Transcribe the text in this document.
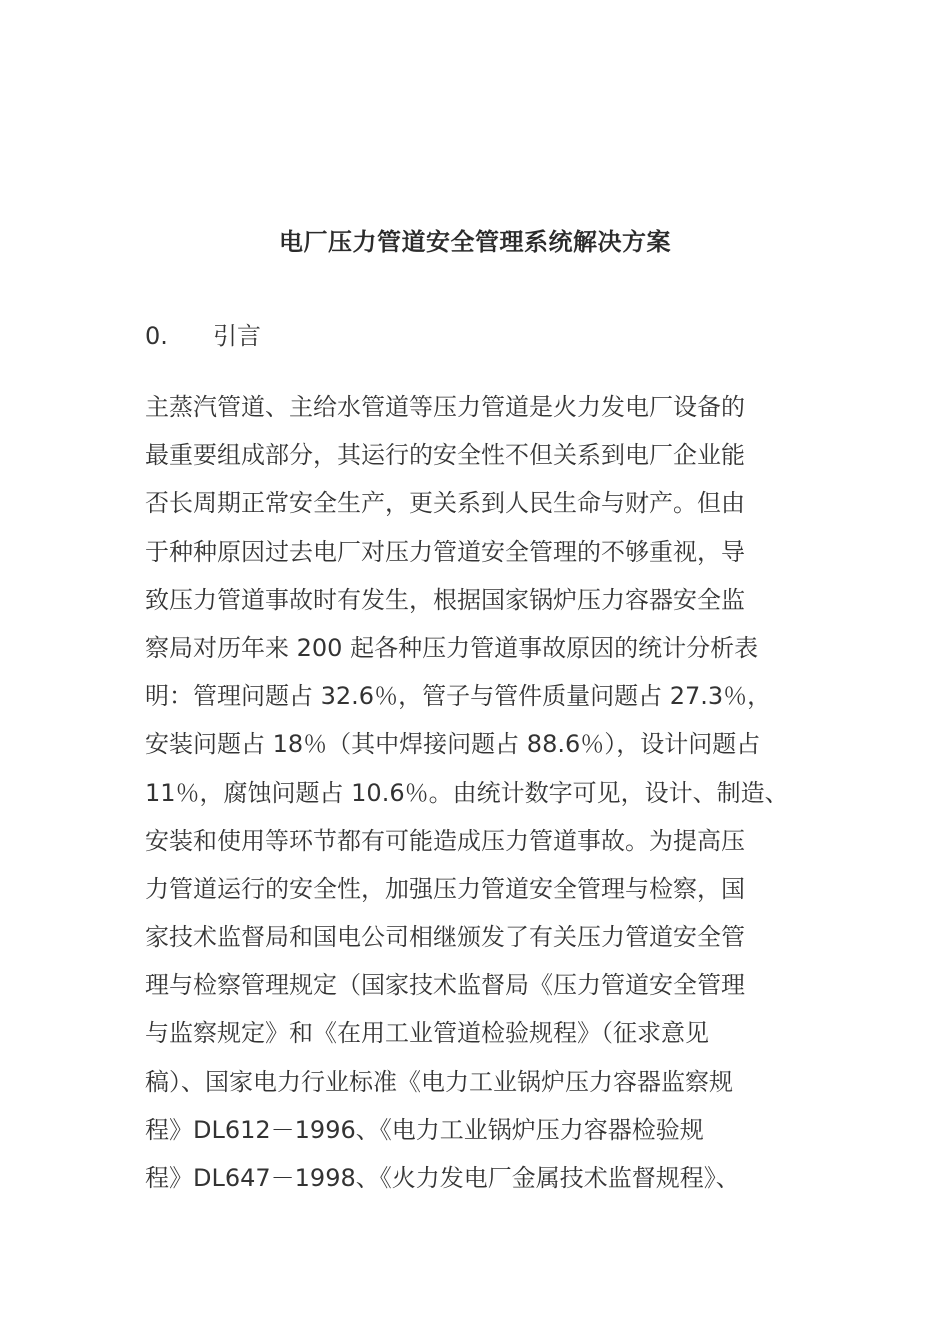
电厂压力管道安全管理系统解决方案
0. 引言
主蒸汽管道、主给水管道等压力管道是火力发电厂设备的
最重要组成部分，其运行的安全性不但关系到电厂企业能
否长周期正常安全生产，更关系到人民生命与财产。但由
于种种原因过去电厂对压力管道安全管理的不够重视，导
致压力管道事故时有发生，根据国家锅炉压力容器安全监
察局对历年来 200 起各种压力管道事故原因的统计分析表
明：管理问题占 32.6％，管子与管件质量问题占 27.3％，
安装问题占 18％（其中焊接问题占 88.6％），设计问题占
11％，腐蚀问题占 10.6％。由统计数字可见，设计、制造、
安装和使用等环节都有可能造成压力管道事故。为提高压
力管道运行的安全性，加强压力管道安全管理与检察，国
家技术监督局和国电公司相继颁发了有关压力管道安全管
理与检察管理规定（国家技术监督局《压力管道安全管理
与监察规定》和《在用工业管道检验规程》（征求意见
稿）、国家电力行业标准《电力工业锅炉压力容器监察规
程》DL612－1996、《电力工业锅炉压力容器检验规
程》DL647－1998、《火力发电厂金属技术监督规程》、
